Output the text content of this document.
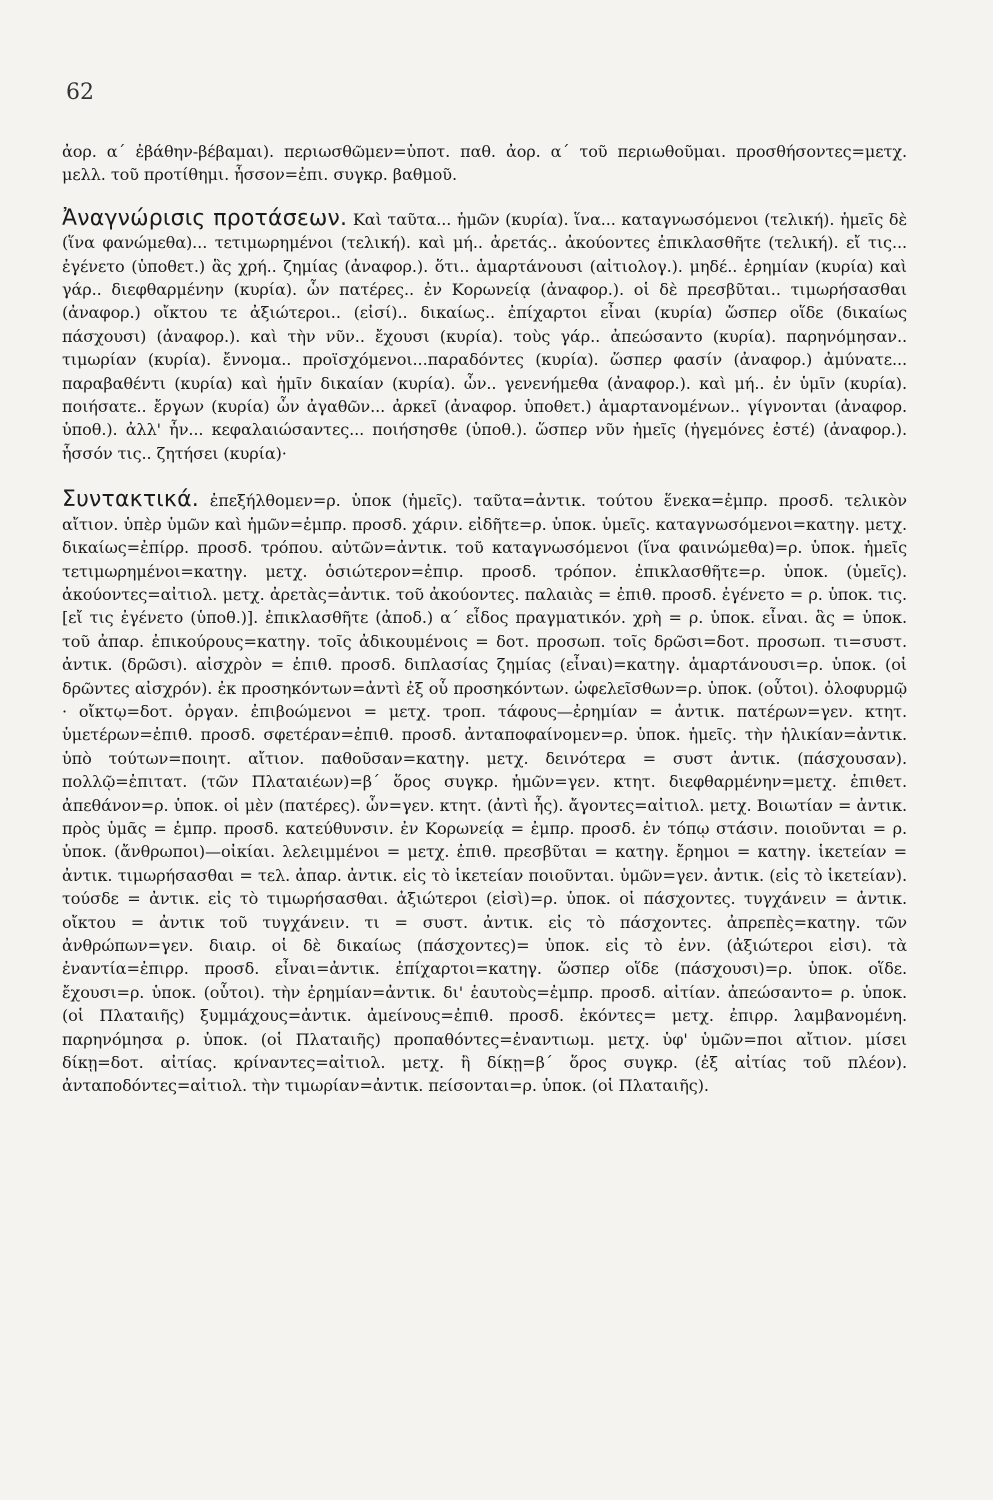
62

ἀορ. α΄ ἐβάθην-βέβαμαι). περιωσθῶμεν=ὑποτ. παθ. ἀορ. α΄ τοῦ περιωθοῦμαι. προσθήσοντες=μετχ. μελλ. τοῦ προτίθημι. ἧσσον=ἐπι. συγκρ. βαθμοῦ.

Ἀναγνώρισις προτάσεων. Καὶ ταῦτα... ἡμῶν (κυρία). ἵνα... καταγνωσόμενοι (τελική). ἡμεῖς δὲ (ἵνα φανώμεθα)... τετιμωρημένοι (τελική). καὶ μή.. ἀρετάς.. ἀκούοντες ἐπικλασθῆτε (τελική). εἴ τις... ἐγένετο (ὑποθετ.) ἃς χρή.. ζημίας (ἀναφορ.). ὅτι.. ἁμαρτάνουσι (αἰτιολογ.). μηδέ.. ἐρημίαν (κυρία) καὶ γάρ.. διεφθαρμένην (κυρία). ὧν πατέρες.. ἐν Κορωνείᾳ (ἀναφορ.). οἱ δὲ πρεσβῦται.. τιμωρήσασθαι (ἀναφορ.) οἴκτου τε ἀξιώτεροι.. (εἰσί).. δικαίως.. ἐπίχαρτοι εἶναι (κυρία) ὥσπερ οἵδε (δικαίως πάσχουσι) (ἀναφορ.). καὶ τὴν νῦν.. ἔχουσι (κυρία). τοὺς γάρ.. ἀπεώσαντο (κυρία). παρηνόμησαν.. τιμωρίαν (κυρία). ἔννομα.. προϊσχόμενοι...παραδόντες (κυρία). ὥσπερ φασίν (ἀναφορ.) ἀμύνατε... παραβαθέντι (κυρία) καὶ ἡμῖν δικαίαν (κυρία). ὧν.. γενενήμεθα (ἀναφορ.). καὶ μή.. ἐν ὑμῖν (κυρία). ποιήσατε.. ἔργων (κυρία) ὧν ἀγαθῶν... ἀρκεῖ (ἀναφορ. ὑποθετ.) ἁμαρτανομένων.. γίγνονται (ἀναφορ. ὑποθ.). ἀλλ' ἦν... κεφαλαιώσαντες... ποιήσησθε (ὑποθ.). ὥσπερ νῦν ἡμεῖς (ἡγεμόνες ἐστέ) (ἀναφορ.). ἧσσόν τις.. ζητήσει (κυρία)·

Συντακτικά. ἐπεξήλθομεν=ρ. ὑποκ (ἡμεῖς). ταῦτα=ἀντικ. τούτου ἕνεκα=ἐμπρ. προσδ. τελικὸν αἴτιον. ὑπὲρ ὑμῶν καὶ ἡμῶν=ἐμπρ. προσδ. χάριν. εἰδῆτε=ρ. ὑποκ. ὑμεῖς. καταγνωσόμενοι=κατηγ. μετχ. δικαίως=ἐπίρρ. προσδ. τρόπου. αὐτῶν=ἀντικ. τοῦ καταγνωσόμενοι (ἵνα φαινώμεθα)=ρ. ὑποκ. ἡμεῖς τετιμωρημένοι=κατηγ. μετχ. ὁσιώτερον=ἐπιρ. προσδ. τρόπον. ἐπικλασθῆτε=ρ. ὑποκ. (ὑμεῖς). ἀκούοντες=αἰτιολ. μετχ. ἀρετὰς=ἀντικ. τοῦ ἀκούοντες. παλαιὰς = ἐπιθ. προσδ. ἐγένετο = ρ. ὑποκ. τις. [εἴ τις ἐγένετο (ὑποθ.)]. ἐπικλασθῆτε (ἀποδ.) α΄ εἶδος πραγματικόν. χρὴ = ρ. ὑποκ. εἶναι. ἃς = ὑποκ. τοῦ ἀπαρ. ἐπικούρους=κατηγ. τοῖς ἀδικουμένοις = δοτ. προσωπ. τοῖς δρῶσι=δοτ. προσωπ. τι=συστ. ἀντικ. (δρῶσι). αἰσχρὸν = ἐπιθ. προσδ. διπλασίας ζημίας (εἶναι)=κατηγ. ἁμαρτάνουσι=ρ. ὑποκ. (οἱ δρῶντες αἰσχρόν). ἐκ προσηκόντων=ἀντὶ ἐξ οὗ προσηκόντων. ὠφελεῖσθων=ρ. ὑποκ. (οὗτοι). ὀλοφυρμῷ · οἴκτῳ=δοτ. ὀργαν. ἐπιβοώμενοι = μετχ. τροπ. τάφους—ἐρημίαν = ἀντικ. πατέρων=γεν. κτητ. ὑμετέρων=ἐπιθ. προσδ. σφετέραν=ἐπιθ. προσδ. ἀνταποφαίνομεν=ρ. ὑποκ. ἡμεῖς. τὴν ἡλικίαν=ἀντικ. ὑπὸ τούτων=ποιητ. αἴτιον. παθοῦσαν=κατηγ. μετχ. δεινότερα = συστ ἀντικ. (πάσχουσαν). πολλῷ=ἐπιτατ. (τῶν Πλαταιέων)=β΄ ὅρος συγκρ. ἡμῶν=γεν. κτητ. διεφθαρμένην=μετχ. ἐπιθετ. ἀπεθάνον=ρ. ὑποκ. οἱ μὲν (πατέρες). ὧν=γεν. κτητ. (ἀντὶ ἧς). ἄγοντες=αἰτιολ. μετχ. Βοιωτίαν = ἀντικ. πρὸς ὑμᾶς = ἐμπρ. προσδ. κατεύθυνσιν. ἐν Κορωνείᾳ = ἐμπρ. προσδ. ἐν τόπῳ στάσιν. ποιοῦνται = ρ. ὑποκ. (ἄνθρωποι)—οἰκίαι. λελειμμένοι = μετχ. ἐπιθ. πρεσβῦται = κατηγ. ἔρημοι = κατηγ. ἱκετείαν = ἀντικ. τιμωρήσασθαι = τελ. ἀπαρ. ἀντικ. εἰς τὸ ἱκετείαν ποιοῦνται. ὑμῶν=γεν. ἀντικ. (εἰς τὸ ἱκετείαν). τούσδε = ἀντικ. εἰς τὸ τιμωρήσασθαι. ἀξιώτεροι (εἰσὶ)=ρ. ὑποκ. οἱ πάσχοντες. τυγχάνειν = ἀντικ. οἴκτου = ἀντικ τοῦ τυγχάνειν. τι = συστ. ἀντικ. εἰς τὸ πάσχοντες. ἀπρεπὲς=κατηγ. τῶν ἀνθρώπων=γεν. διαιρ. οἱ δὲ δικαίως (πάσχοντες)= ὑποκ. εἰς τὸ ἐνν. (ἀξιώτεροι εἰσι). τὰ ἐναντία=ἐπιρρ. προσδ. εἶναι=ἀντικ. ἐπίχαρτοι=κατηγ. ὥσπερ οἵδε (πάσχουσι)=ρ. ὑποκ. οἵδε. ἔχουσι=ρ. ὑποκ. (οὗτοι). τὴν ἐρημίαν=ἀντικ. δι' ἑαυτοὺς=ἐμπρ. προσδ. αἰτίαν. ἀπεώσαντο= ρ. ὑποκ. (οἱ Πλαταιῆς) ξυμμάχους=ἀντικ. ἀμείνους=ἐπιθ. προσδ. ἑκόντες= μετχ. ἐπιρρ. λαμβανομένη. παρηνόμησα ρ. ὑποκ. (οἱ Πλαταιῆς) προπαθόντες=ἐναντιωμ. μετχ. ὑφ' ὑμῶν=ποι αἴτιον. μίσει δίκῃ=δοτ. αἰτίας. κρίναντες=αἰτιολ. μετχ. ἢ δίκῃ=β΄ ὅρος συγκρ. (ἐξ αἰτίας τοῦ πλέον). ἀνταποδόντες=αἰτιολ. τὴν τιμωρίαν=ἀντικ. πείσονται=ρ. ὑποκ. (οἱ Πλαταιῆς).
